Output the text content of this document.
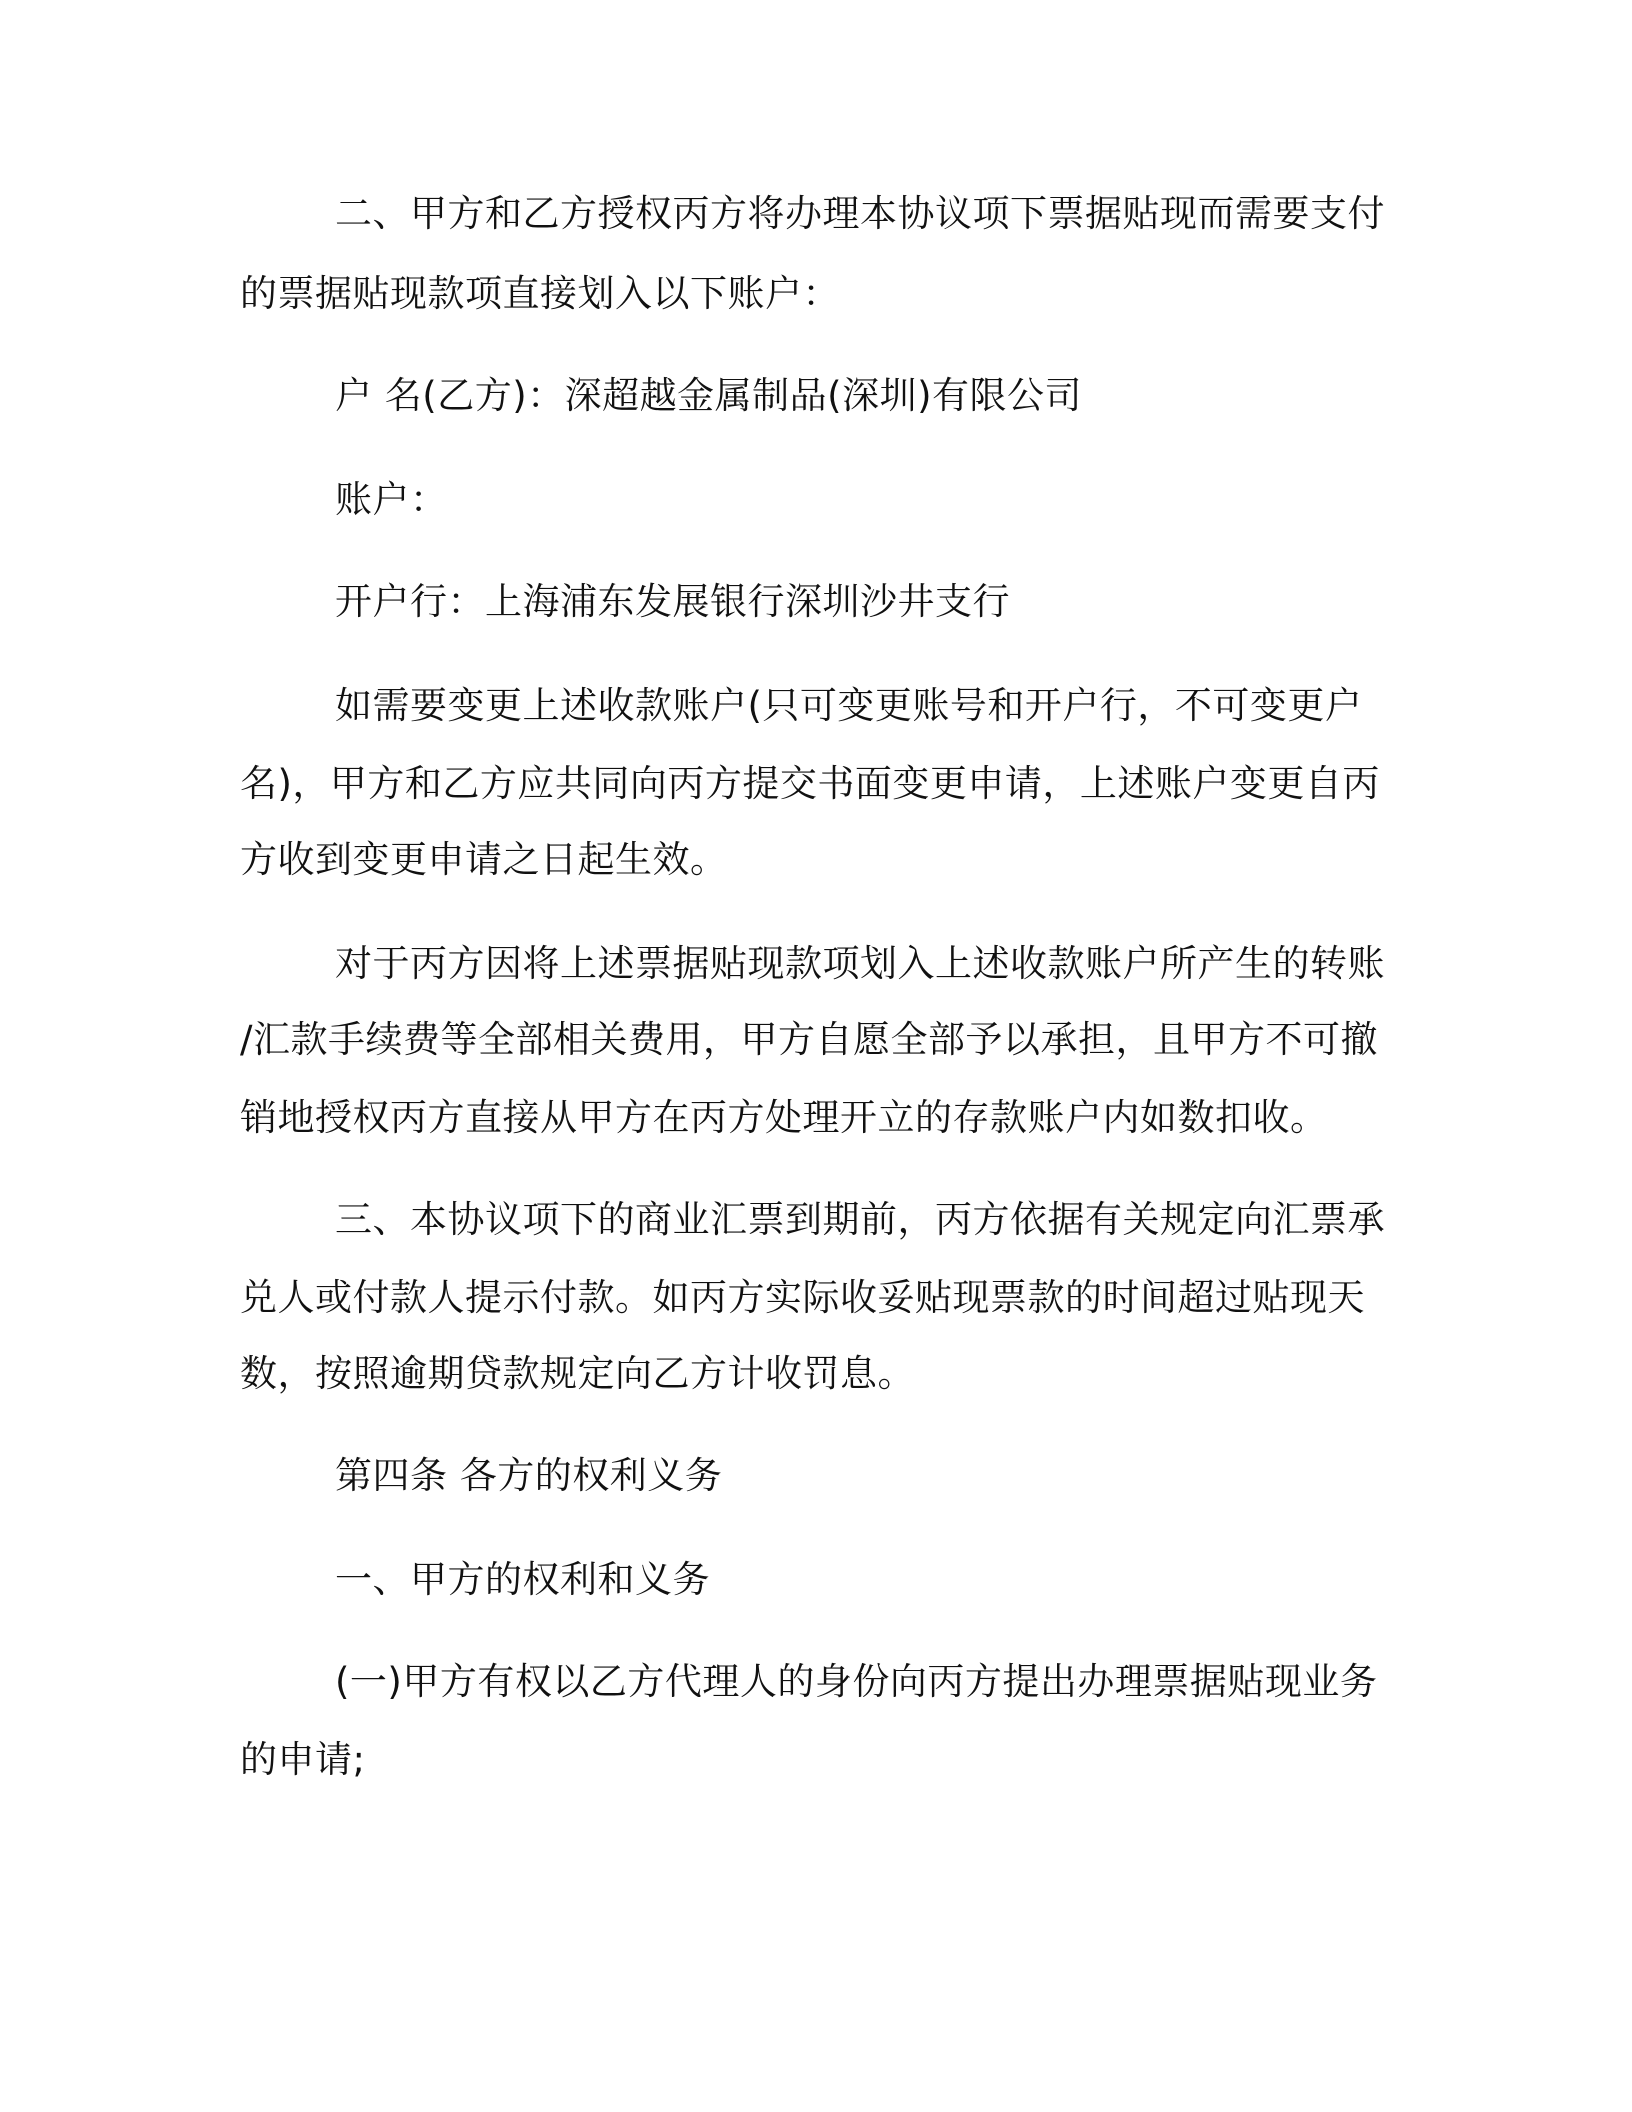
二、甲方和乙方授权丙方将办理本协议项下票据贴现而需要支付
的票据贴现款项直接划入以下账户：
户 名(乙方)：深超越金属制品(深圳)有限公司
账户：
开户行：上海浦东发展银行深圳沙井支行
如需要变更上述收款账户(只可变更账号和开户行，不可变更户
名)，甲方和乙方应共同向丙方提交书面变更申请，上述账户变更自丙
方收到变更申请之日起生效。
对于丙方因将上述票据贴现款项划入上述收款账户所产生的转账
/汇款手续费等全部相关费用，甲方自愿全部予以承担，且甲方不可撤
销地授权丙方直接从甲方在丙方处理开立的存款账户内如数扣收。
三、本协议项下的商业汇票到期前，丙方依据有关规定向汇票承
兑人或付款人提示付款。如丙方实际收妥贴现票款的时间超过贴现天
数，按照逾期贷款规定向乙方计收罚息。
第四条 各方的权利义务
一、甲方的权利和义务
(一)甲方有权以乙方代理人的身份向丙方提出办理票据贴现业务
的申请;
